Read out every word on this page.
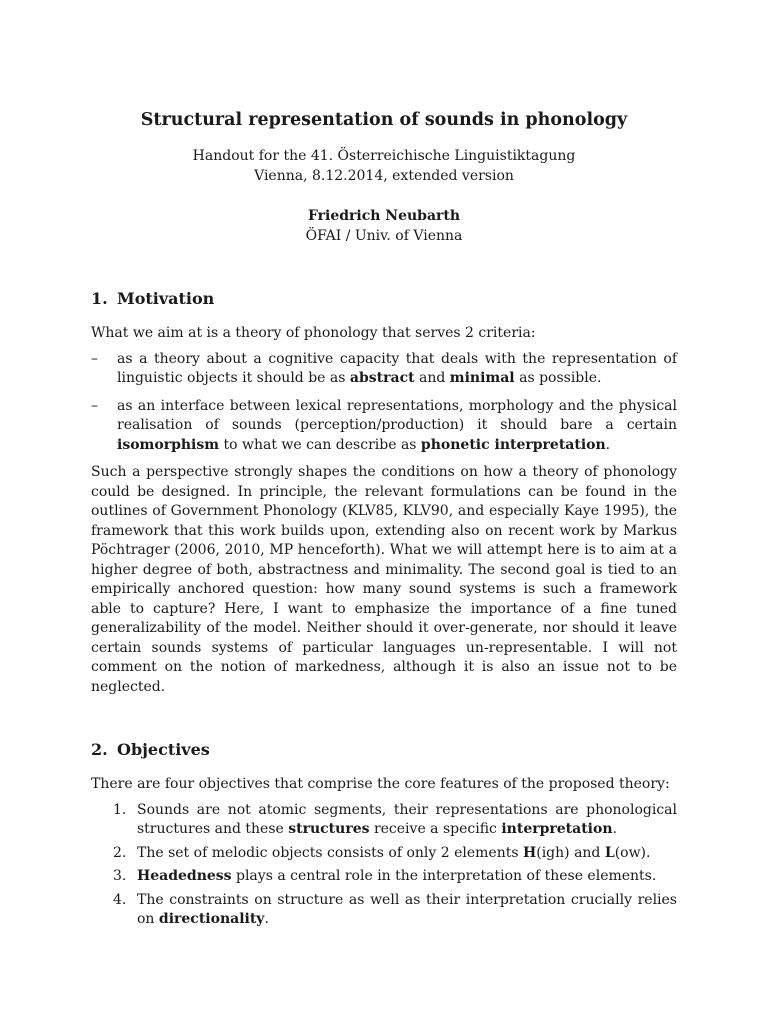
Structural representation of sounds in phonology

Handout for the 41. Österreichische Linguistiktagung

Vienna, 8.12.2014, extended version

Friedrich Neubarth

ÖFAI / Univ. of Vienna

1. Motivation

What we aim at is a theory of phonology that serves 2 criteria:

– as a theory about a cognitive capacity that deals with the representation of linguistic objects it should be as abstract and minimal as possible.
– as an interface between lexical representations, morphology and the physical realisation of sounds (perception/production) it should bare a certain isomorphism to what we can describe as phonetic interpretation.

Such a perspective strongly shapes the conditions on how a theory of phonology could be designed. In principle, the relevant formulations can be found in the outlines of Government Phonology (KLV85, KLV90, and especially Kaye 1995), the framework that this work builds upon, extending also on recent work by Markus Pöchtrager (2006, 2010, MP henceforth). What we will attempt here is to aim at a higher degree of both, abstractness and minimality. The second goal is tied to an empirically anchored question: how many sound systems is such a framework able to capture? Here, I want to emphasize the importance of a fine tuned generalizability of the model. Neither should it over-generate, nor should it leave certain sounds systems of particular languages un-representable. I will not comment on the notion of markedness, although it is also an issue not to be neglected.

2. Objectives

There are four objectives that comprise the core features of the proposed theory:

1. Sounds are not atomic segments, their representations are phonological structures and these structures receive a specific interpretation.
2. The set of melodic objects consists of only 2 elements H(igh) and L(ow).
3. Headedness plays a central role in the interpretation of these elements.
4. The constraints on structure as well as their interpretation crucially relies on directionality.
